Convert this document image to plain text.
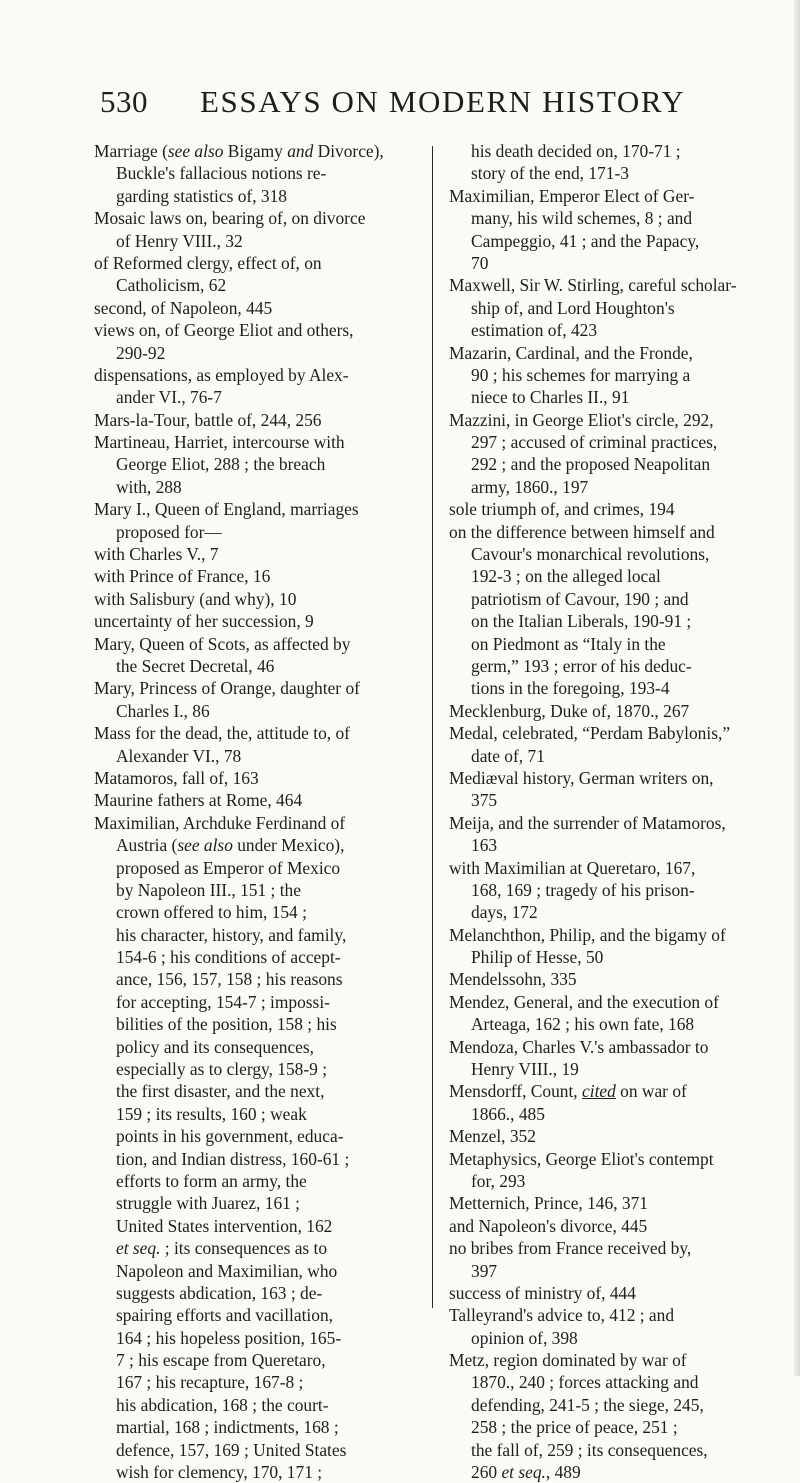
530 ESSAYS ON MODERN HISTORY
Marriage (see also Bigamy and Divorce),
Buckle's fallacious notions re-
garding statistics of, 318
Mosaic laws on, bearing of, on divorce
of Henry VIII., 32
of Reformed clergy, effect of, on
Catholicism, 62
second, of Napoleon, 445
views on, of George Eliot and others,
290-92
dispensations, as employed by Alex-
ander VI., 76-7
Mars-la-Tour, battle of, 244, 256
Martineau, Harriet, intercourse with
George Eliot, 288 ; the breach
with, 288
Mary I., Queen of England, marriages
proposed for—
with Charles V., 7
with Prince of France, 16
with Salisbury (and why), 10
uncertainty of her succession, 9
Mary, Queen of Scots, as affected by
the Secret Decretal, 46
Mary, Princess of Orange, daughter of
Charles I., 86
Mass for the dead, the, attitude to, of
Alexander VI., 78
Matamoros, fall of, 163
Maurine fathers at Rome, 464
Maximilian, Archduke Ferdinand of
Austria (see also under Mexico),
proposed as Emperor of Mexico
by Napoleon III., 151 ; the
crown offered to him, 154 ;
his character, history, and family,
154-6 ; his conditions of accept-
ance, 156, 157, 158 ; his reasons
for accepting, 154-7 ; impossi-
bilities of the position, 158 ; his
policy and its consequences,
especially as to clergy, 158-9 ;
the first disaster, and the next,
159 ; its results, 160 ; weak
points in his government, educa-
tion, and Indian distress, 160-61 ;
efforts to form an army, the
struggle with Juarez, 161 ;
United States intervention, 162
et seq. ; its consequences as to
Napoleon and Maximilian, who
suggests abdication, 163 ; de-
spairing efforts and vacillation,
164 ; his hopeless position, 165-
7 ; his escape from Queretaro,
167 ; his recapture, 167-8 ;
his abdication, 168 ; the court-
martial, 168 ; indictments, 168 ;
defence, 157, 169 ; United States
wish for clemency, 170, 171 ;
his death decided on, 170-71 ;
story of the end, 171-3
Maximilian, Emperor Elect of Ger-
many, his wild schemes, 8 ; and
Campeggio, 41 ; and the Papacy,
70
Maxwell, Sir W. Stirling, careful scholar-
ship of, and Lord Houghton's
estimation of, 423
Mazarin, Cardinal, and the Fronde,
90 ; his schemes for marrying a
niece to Charles II., 91
Mazzini, in George Eliot's circle, 292,
297 ; accused of criminal practices,
292 ; and the proposed Neapolitan
army, 1860., 197
sole triumph of, and crimes, 194
on the difference between himself and
Cavour's monarchical revolutions,
192-3 ; on the alleged local
patriotism of Cavour, 190 ; and
on the Italian Liberals, 190-91 ;
on Piedmont as “Italy in the
germ,” 193 ; error of his deduc-
tions in the foregoing, 193-4
Mecklenburg, Duke of, 1870., 267
Medal, celebrated, “Perdam Babylonis,”
date of, 71
Mediæval history, German writers on,
375
Meija, and the surrender of Matamoros,
163
with Maximilian at Queretaro, 167,
168, 169 ; tragedy of his prison-
days, 172
Melanchthon, Philip, and the bigamy of
Philip of Hesse, 50
Mendelssohn, 335
Mendez, General, and the execution of
Arteaga, 162 ; his own fate, 168
Mendoza, Charles V.'s ambassador to
Henry VIII., 19
Mensdorff, Count, cited on war of
1866., 485
Menzel, 352
Metaphysics, George Eliot's contempt
for, 293
Metternich, Prince, 146, 371
and Napoleon's divorce, 445
no bribes from France received by,
397
success of ministry of, 444
Talleyrand's advice to, 412 ; and
opinion of, 398
Metz, region dominated by war of
1870., 240 ; forces attacking and
defending, 241-5 ; the siege, 245,
258 ; the price of peace, 251 ;
the fall of, 259 ; its consequences,
260 et seq., 489
